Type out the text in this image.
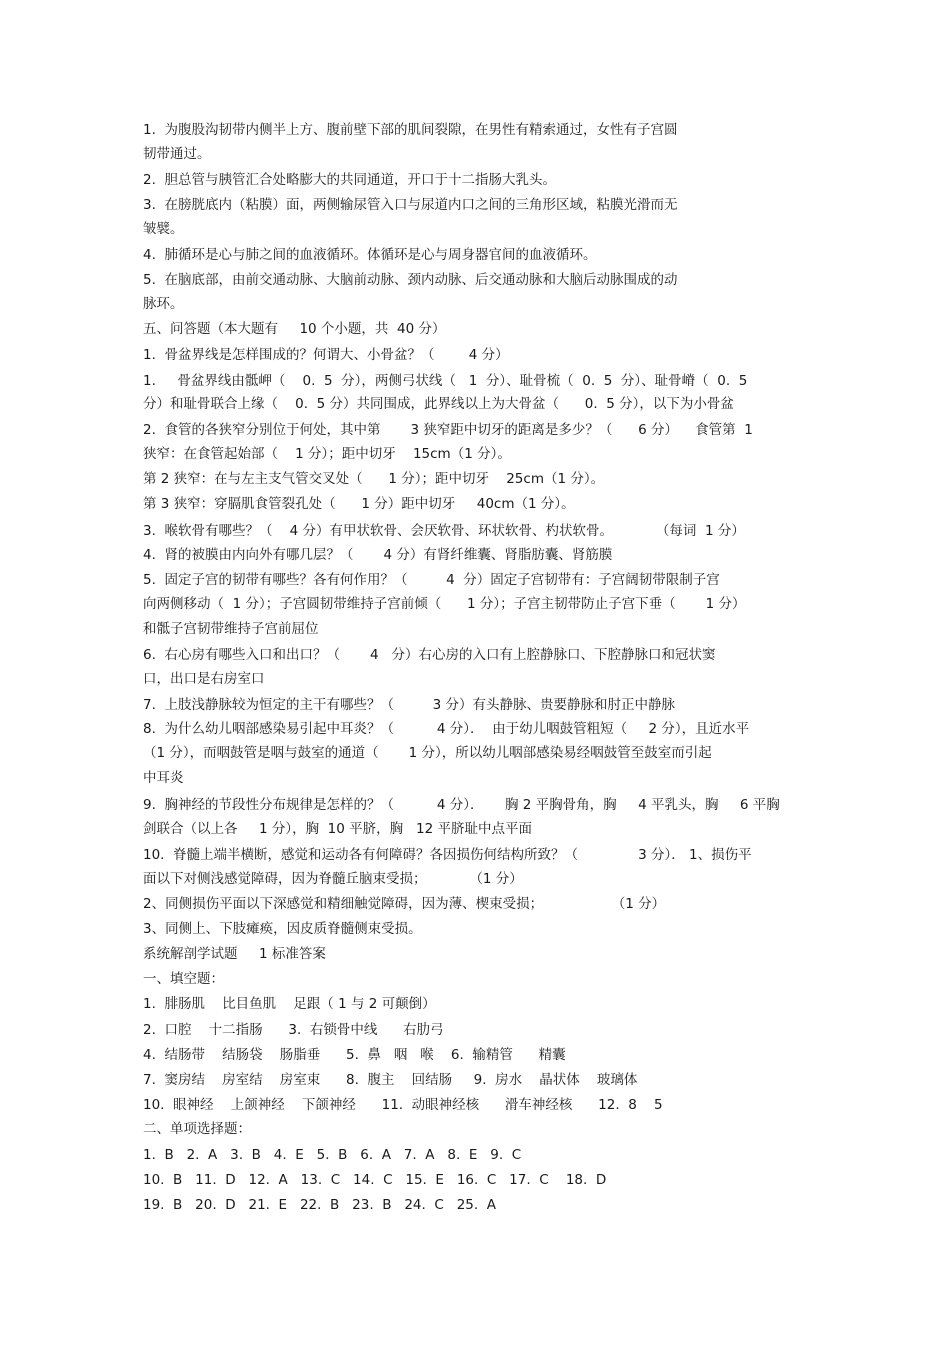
1.  为腹股沟韧带内侧半上方、腹前壁下部的肌间裂隙，在男性有精索通过，女性有子宫圆

韧带通过。

2.  胆总管与胰管汇合处略膨大的共同通道，开口于十二指肠大乳头。

3.  在膀胱底内（粘膜）面，两侧输尿管入口与尿道内口之间的三角形区域，粘膜光滑而无

皱襞。

4.  肺循环是心与肺之间的血液循环。体循环是心与周身器官间的血液循环。

5.  在脑底部，由前交通动脉、大脑前动脉、颈内动脉、后交通动脉和大脑后动脉围成的动

脉环。

五、问答题（本大题有     10 个小题，共  40 分）

1.  骨盆界线是怎样围成的？何谓大、小骨盆？（        4 分）

1.     骨盆界线由骶岬（    0.  5  分），两侧弓状线（   1  分）、耻骨梳（  0.  5  分）、耻骨嵴（  0.  5

分）和耻骨联合上缘（    0.  5 分）共同围成，此界线以上为大骨盆（      0.  5 分），以下为小骨盆

2.  食管的各狭窄分别位于何处，其中第       3 狭窄距中切牙的距离是多少？（      6 分）    食管第  1

狭窄：在食管起始部（    1 分）；距中切牙    15cm（1 分）。

第 2 狭窄：在与左主支气管交叉处（      1 分）；距中切牙    25cm（1 分）。

第 3 狭窄：穿膈肌食管裂孔处（      1 分）距中切牙     40cm（1 分）。

3.  喉软骨有哪些？（    4 分）有甲状软骨、会厌软骨、环状软骨、杓状软骨。          （每词  1 分）

4.  肾的被膜由内向外有哪几层？（       4 分）有肾纤维囊、肾脂肪囊、肾筋膜

5.  固定子宫的韧带有哪些？各有何作用？（         4  分）固定子宫韧带有：子宫阔韧带限制子宫

向两侧移动（  1 分）；子宫圆韧带维持子宫前倾（      1 分）；子宫主韧带防止子宫下垂（       1 分）

和骶子宫韧带维持子宫前屈位

6.  右心房有哪些入口和出口？（       4   分）右心房的入口有上腔静脉口、下腔静脉口和冠状窦

口，出口是右房室口

7.  上肢浅静脉较为恒定的主干有哪些？（         3 分）有头静脉、贵要静脉和肘正中静脉

8.  为什么幼儿咽部感染易引起中耳炎？（          4 分）．  由于幼儿咽鼓管粗短（     2 分），且近水平

（1 分），而咽鼓管是咽与鼓室的通道（       1 分），所以幼儿咽部感染易经咽鼓管至鼓室而引起

中耳炎

9.  胸神经的节段性分布规律是怎样的？（          4 分）．     胸 2 平胸骨角，胸     4 平乳头，胸     6 平胸

剑联合（以上各     1 分），胸  10 平脐，胸   12 平脐耻中点平面

10.  脊髓上端半横断，感觉和运动各有何障碍？各因损伤何结构所致？（              3 分）． 1、损伤平

面以下对侧浅感觉障碍，因为脊髓丘脑束受损；          （1 分）

2、同侧损伤平面以下深感觉和精细触觉障碍，因为薄、楔束受损；                （1 分）

3、同侧上、下肢瘫痪，因皮质脊髓侧束受损。

系统解剖学试题     1 标准答案

一、填空题：

1.  腓肠肌    比目鱼肌    足跟（ 1 与 2 可颠倒）

2.  口腔    十二指肠      3.  右锁骨中线      右肋弓

4.  结肠带    结肠袋    肠脂垂      5.  鼻   咽   喉    6.  输精管      精囊

7.  窦房结    房室结    房室束      8.  腹主    回结肠     9.  房水    晶状体    玻璃体

10.  眼神经    上颌神经    下颌神经      11.  动眼神经核      滑车神经核      12.  8    5

二、单项选择题：

1.  B   2.  A   3.  B   4.  E   5.  B   6.  A   7.  A   8.  E   9.  C

10.  B   11.  D   12.  A   13.  C   14.  C   15.  E   16.  C   17.  C    18.  D

19.  B   20.  D   21.  E   22.  B   23.  B   24.  C   25.  A
